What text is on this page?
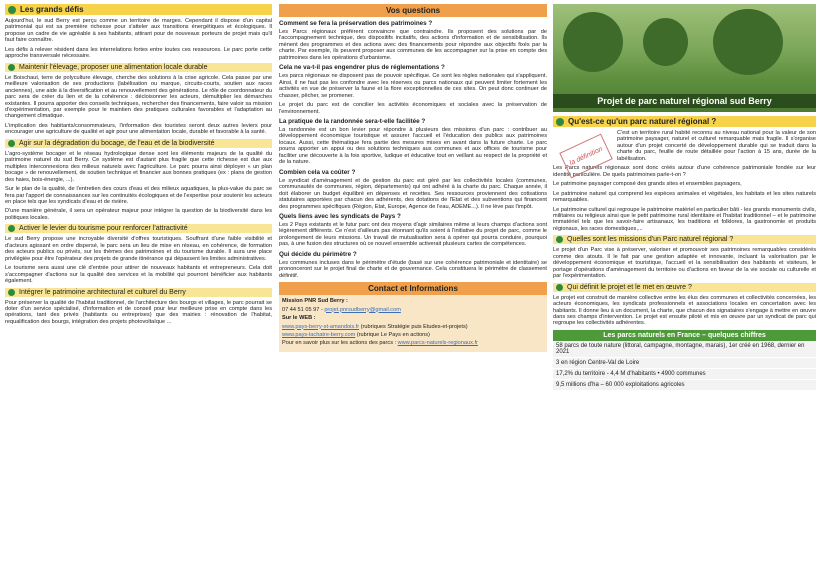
Les grands défis

Aujourd'hui, le sud Berry est perçu comme un territoire de marges. Cependant il dispose d'un capital patrimonial qui est sa première richesse pour s'atteler aux transitions énergétiques et écologiques. Il propose un cadre de vie agréable à ses habitants, attirant pour de nouveaux porteurs de projet mais qu'il faut faire connaître.

Les défis à relever résident dans les interrelations fortes entre toutes ces ressources. Le parc porte cette approche transversale nécessaire.

Maintenir l'élevage, proposer une alimentation locale durable

Le Boischaut, terre de polyculture élevage, cherche des solutions à la crise agricole. Cela passe par une meilleure valorisation de ses productions (labélisation ou marque, circuits-courts, soutien aux races anciennes), une aide à la diversification et au renouvellement des générations. Le rôle de coordonnateur du parc sera de créer du lien et de la cohérence : décloisonner les acteurs, démultiplier les démarches existantes. Il pourra apporter des conseils techniques, rechercher des financements, faire valoir sa mission d'expérimentation, par exemple pour le maintien des pratiques culturales favorables et l'adaptation au changement climatique.

L'implication des habitants/consommateurs, l'information des touristes seront deux autres leviers pour encourager une agriculture de qualité et agir pour une alimentation locale, durable et favorable à la santé.

Agir sur la dégradation du bocage, de l'eau et de la biodiversité

L'agro-système bocager et le réseau hydrologique dense sont les éléments majeurs de la qualité du patrimoine naturel du sud Berry. Ce système est d'autant plus fragile que cette richesse est due aux multiples interconnexions des milieux naturels avec l'agriculture. Le parc pourra ainsi déployer « un plan bocage » de renouvellement, de soutien technique et financier aux bonnes pratiques (ex : plans de gestion des haies, bois-énergie, ...).

Sur le plan de la qualité, de l'entretien des cours d'eau et des milieux aquatiques, la plus-value du parc se fera par l'apport de connaissances sur les continuités écologiques et de l'expertise pour soutenir les acteurs en place tels que les syndicats d'eau et de rivière.

D'une manière générale, il sera un opérateur majeur pour intégrer la question de la biodiversité dans les politiques locales.

Activer le levier du tourisme pour renforcer l'attractivité

Le sud Berry propose une incroyable diversité d'offres touristiques. Souffrant d'une faible visibilité et d'acteurs agissant en ordre dispersé, le parc sera un lieu de mise en réseau, en cohérence, de formation des acteurs publics ou privés, sur les thèmes des patrimoines et du tourisme durable. Il aura une place privilégiée pour être l'opérateur des projets de grande itinérance qui dépassent les limites administratives.

Le tourisme sera aussi une clé d'entrée pour attirer de nouveaux habitants et entrepreneurs. Cela doit s'accompagner d'actions sur la qualité des services et la mobilité qui pourront bénéficier aux habitants également.

Intégrer le patrimoine architectural et culturel du Berry

Pour préserver la qualité de l'habitat traditionnel, de l'architecture des bourgs et villages, le parc pourrait se doter d'un service spécialisé, d'information et de conseil pour leur meilleure prise en compte dans les opérations, tant des privés (habitants ou entreprises) que des mairies : rénovation de l'habitat, requalification des bourgs, intégration des projets photovoltaïque ...

Vos questions
Comment se fera la préservation des patrimoines ?

Les Parcs régionaux préfèrent convaincre que contraindre. Ils proposent des solutions par de l'accompagnement technique, des dispositifs incitatifs, des actions d'information et de sensibilisation. Ils mènent des programmes et des actions avec des financements pour répondre aux objectifs fixés par la charte. Par exemple, ils peuvent proposer aux communes de les accompagner sur la prise en compte des patrimoines dans les opérations d'urbanisme.

Cela ne va-t-il pas engendrer plus de réglementations ?

Les parcs régionaux ne disposent pas de pouvoir spécifique. Ce sont les règles nationales qui s'appliquent. Ainsi, il ne faut pas les confondre avec les réserves ou parcs nationaux qui peuvent limiter fortement les activités en vue de préserver la faune et la flore exceptionnelles de ces sites. On peut donc continuer de chasser, pêcher, se promener.

Le projet du parc est de concilier les activités économiques et sociales avec la préservation de l'environnement.

La pratique de la randonnée sera-t-elle facilitée ?

La randonnée est un bon levier pour répondre à plusieurs des missions d'un parc : contribuer au développement économique touristique et assurer l'accueil et l'éducation des publics aux patrimoines locaux. Aussi, cette thématique fera partie des mesures mises en avant dans la future charte. Le parc pourra apporter un appui ou des solutions techniques aux communes et aux offices de tourisme pour faciliter une découverte à la fois sportive, ludique et éducative tout en veillant au respect de la propriété et de la nature.

Combien cela va coûter ?

Le syndicat d'aménagement et de gestion du parc est géré par les collectivités locales (communes, communautés de communes, région, départements) qui ont adhéré à la charte du parc. Chaque année, il doit élaborer un budget équilibré en dépenses et recettes. Ses ressources proviennent des cotisations statutaires apportées par chacun des adhérents, des dotations de l'Etat et des subventions qui financent des programmes spécifiques (Région, Etat, Europe, Agence de l'eau, ADEME...). Il ne lève pas l'impôt.

Quels liens avec les syndicats de Pays ?

Les 2 Pays existants et le futur parc ont des moyens d'agir similaires même si leurs champs d'actions sont légèrement différents. Ce n'est d'ailleurs pas étonnant qu'ils soient à l'initiative du projet de parc, comme le prolongement de leurs missions. Un travail de mutualisation sera à opérer qui pourra conduire, pourquoi pas, à une fusion des structures où ce nouvel ensemble activerait plusieurs cartes de compétences.

Qui décide du périmètre ?

Les communes incluses dans le périmètre d'étude (basé sur une cohérence patrimoniale et identitaire) se prononceront sur le projet final de charte et de gouvernance. Cela constituera le périmètre de classement définitif.

Contact et Informations

Mission PNR Sud Berry :

07 44 51 05 97 - projet.pnrsudberry@gmail.com

Sur le WEB :

www.pays-berry-st-amandois.fr (rubriques Stratégie puis Etudes-et-projets)

www.pays-lachatre-berry.com (rubrique Le Pays en actions)

Pour en savoir plus sur les actions des parcs : www.parcs-naturels-regionaux.fr

Projet de parc naturel régional sud Berry
Qu'est-ce qu'un parc naturel régional ?
la définition

C'est un territoire rural habité reconnu au niveau national pour la valeur de son patrimoine paysager, naturel et culturel remarquable mais fragile. Il s'organise autour d'un projet concerté de développement durable qui se traduit dans la charte du parc, feuille de route détaillée pour l'action à 15 ans, durée de la labélisation.

Les Parcs naturels régionaux sont donc créés autour d'une cohérence patrimoniale fondée sur leur identité particulière. De quels patrimoines parle-t-on ?

Le patrimoine paysager composé des grands sites et ensembles paysagers,

Le patrimoine naturel qui comprend les espèces animales et végétales, les habitats et les sites naturels remarquables.

Le patrimoine culturel qui regroupe le patrimoine matériel en particulier bâti - les grands monuments civils, militaires ou religieux ainsi que le petit patrimoine rural identitaire et l'habitat traditionnel – et le patrimoine immatériel tels que les savoir-faire artisanaux, les traditions et folklores, la gastronomie et produits régionaux, les races domestiques,...

Quelles sont les missions d'un Parc naturel régional ?

Le projet d'un Parc vise à préserver, valoriser et promouvoir ses patrimoines remarquables considérés comme des atouts. Il le fait par une gestion adaptée et innovante, incluant la valorisation par le développement économique et touristique, l'accueil et la sensibilisation des habitants et visiteurs, le portage d'opérations d'aménagement du territoire ou d'actions en faveur de la vie sociale ou culturelle et par l'expérimentation.

Qui définit le projet et le met en œuvre ?

Le projet est construit de manière collective entre les élus des communes et collectivités concernées, les acteurs économiques, les syndicats professionnels et associations locales en concertation avec les habitants. Il donne lieu à un document, la charte, que chacun des signataires s'engage à mettre en œuvre dans ses champs d'intervention. Le projet est ensuite piloté et mis en œuvre par un syndicat de parc qui regroupe les collectivités adhérentes.

Les parcs naturels en France – quelques chiffres
58 parcs de toute nature (littoral, campagne, montagne, marais), 1er créé en 1968, dernier en 2021
3 en région Centre-Val de Loire
17,2% du territoire - 4,4 M d'habitants • 4900 communes
9,5 millions d'ha – 60 000 exploitations agricoles
